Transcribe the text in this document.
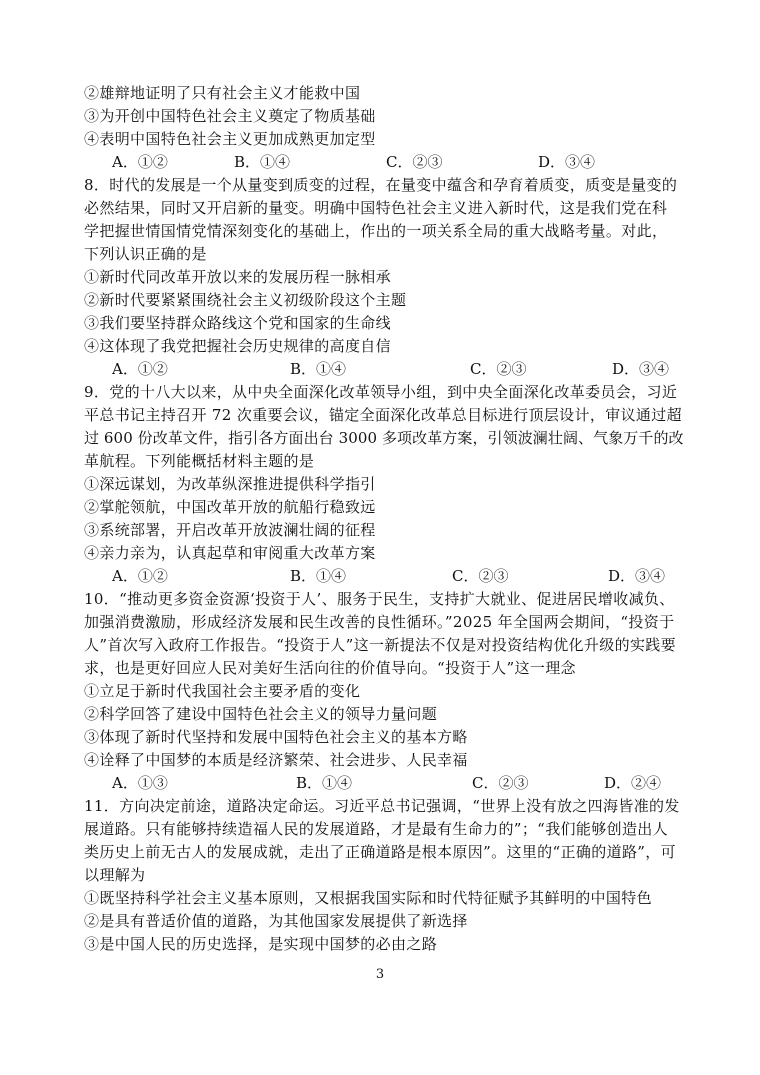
②雄辩地证明了只有社会主义才能救中国
③为开创中国特色社会主义奠定了物质基础
④表明中国特色社会主义更加成熟更加定型
A．①②	B．①④	C．②③	D．③④
8．时代的发展是一个从量变到质变的过程，在量变中蕴含和孕育着质变，质变是量变的
必然结果，同时又开启新的量变。明确中国特色社会主义进入新时代，这是我们党在科
学把握世情国情党情深刻变化的基础上，作出的一项关系全局的重大战略考量。对此，
下列认识正确的是
①新时代同改革开放以来的发展历程一脉相承
②新时代要紧紧围绕社会主义初级阶段这个主题
③我们要坚持群众路线这个党和国家的生命线
④这体现了我党把握社会历史规律的高度自信
A．①②	B．①④	C．②③	D．③④
9．党的十八大以来，从中央全面深化改革领导小组，到中央全面深化改革委员会，习近
平总书记主持召开 72 次重要会议，锚定全面深化改革总目标进行顶层设计，审议通过超
过 600 份改革文件，指引各方面出台 3000 多项改革方案，引领波澜壮阔、气象万千的改
革航程。下列能概括材料主题的是
①深远谋划，为改革纵深推进提供科学指引
②掌舵领航，中国改革开放的航船行稳致远
③系统部署，开启改革开放波澜壮阔的征程
④亲力亲为，认真起草和审阅重大改革方案
A．①②	B．①④	C．②③	D．③④
10．“推动更多资金资源‘投资于人’、服务于民生，支持扩大就业、促进居民增收减负、
加强消费激励，形成经济发展和民生改善的良性循环。”2025 年全国两会期间，“投资于
人”首次写入政府工作报告。“投资于人”这一新提法不仅是对投资结构优化升级的实践要
求，也是更好回应人民对美好生活向往的价值导向。“投资于人”这一理念
①立足于新时代我国社会主要矛盾的变化
②科学回答了建设中国特色社会主义的领导力量问题
③体现了新时代坚持和发展中国特色社会主义的基本方略
④诠释了中国梦的本质是经济繁荣、社会进步、人民幸福
A．①③	B．①④	C．②③	D．②④
11．方向决定前途，道路决定命运。习近平总书记强调，“世界上没有放之四海皆准的发
展道路。只有能够持续造福人民的发展道路，才是最有生命力的”；“我们能够创造出人
类历史上前无古人的发展成就，走出了正确道路是根本原因”。这里的“正确的道路”，可
以理解为
①既坚持科学社会主义基本原则，又根据我国实际和时代特征赋予其鲜明的中国特色
②是具有普适价值的道路，为其他国家发展提供了新选择
③是中国人民的历史选择，是实现中国梦的必由之路
3
